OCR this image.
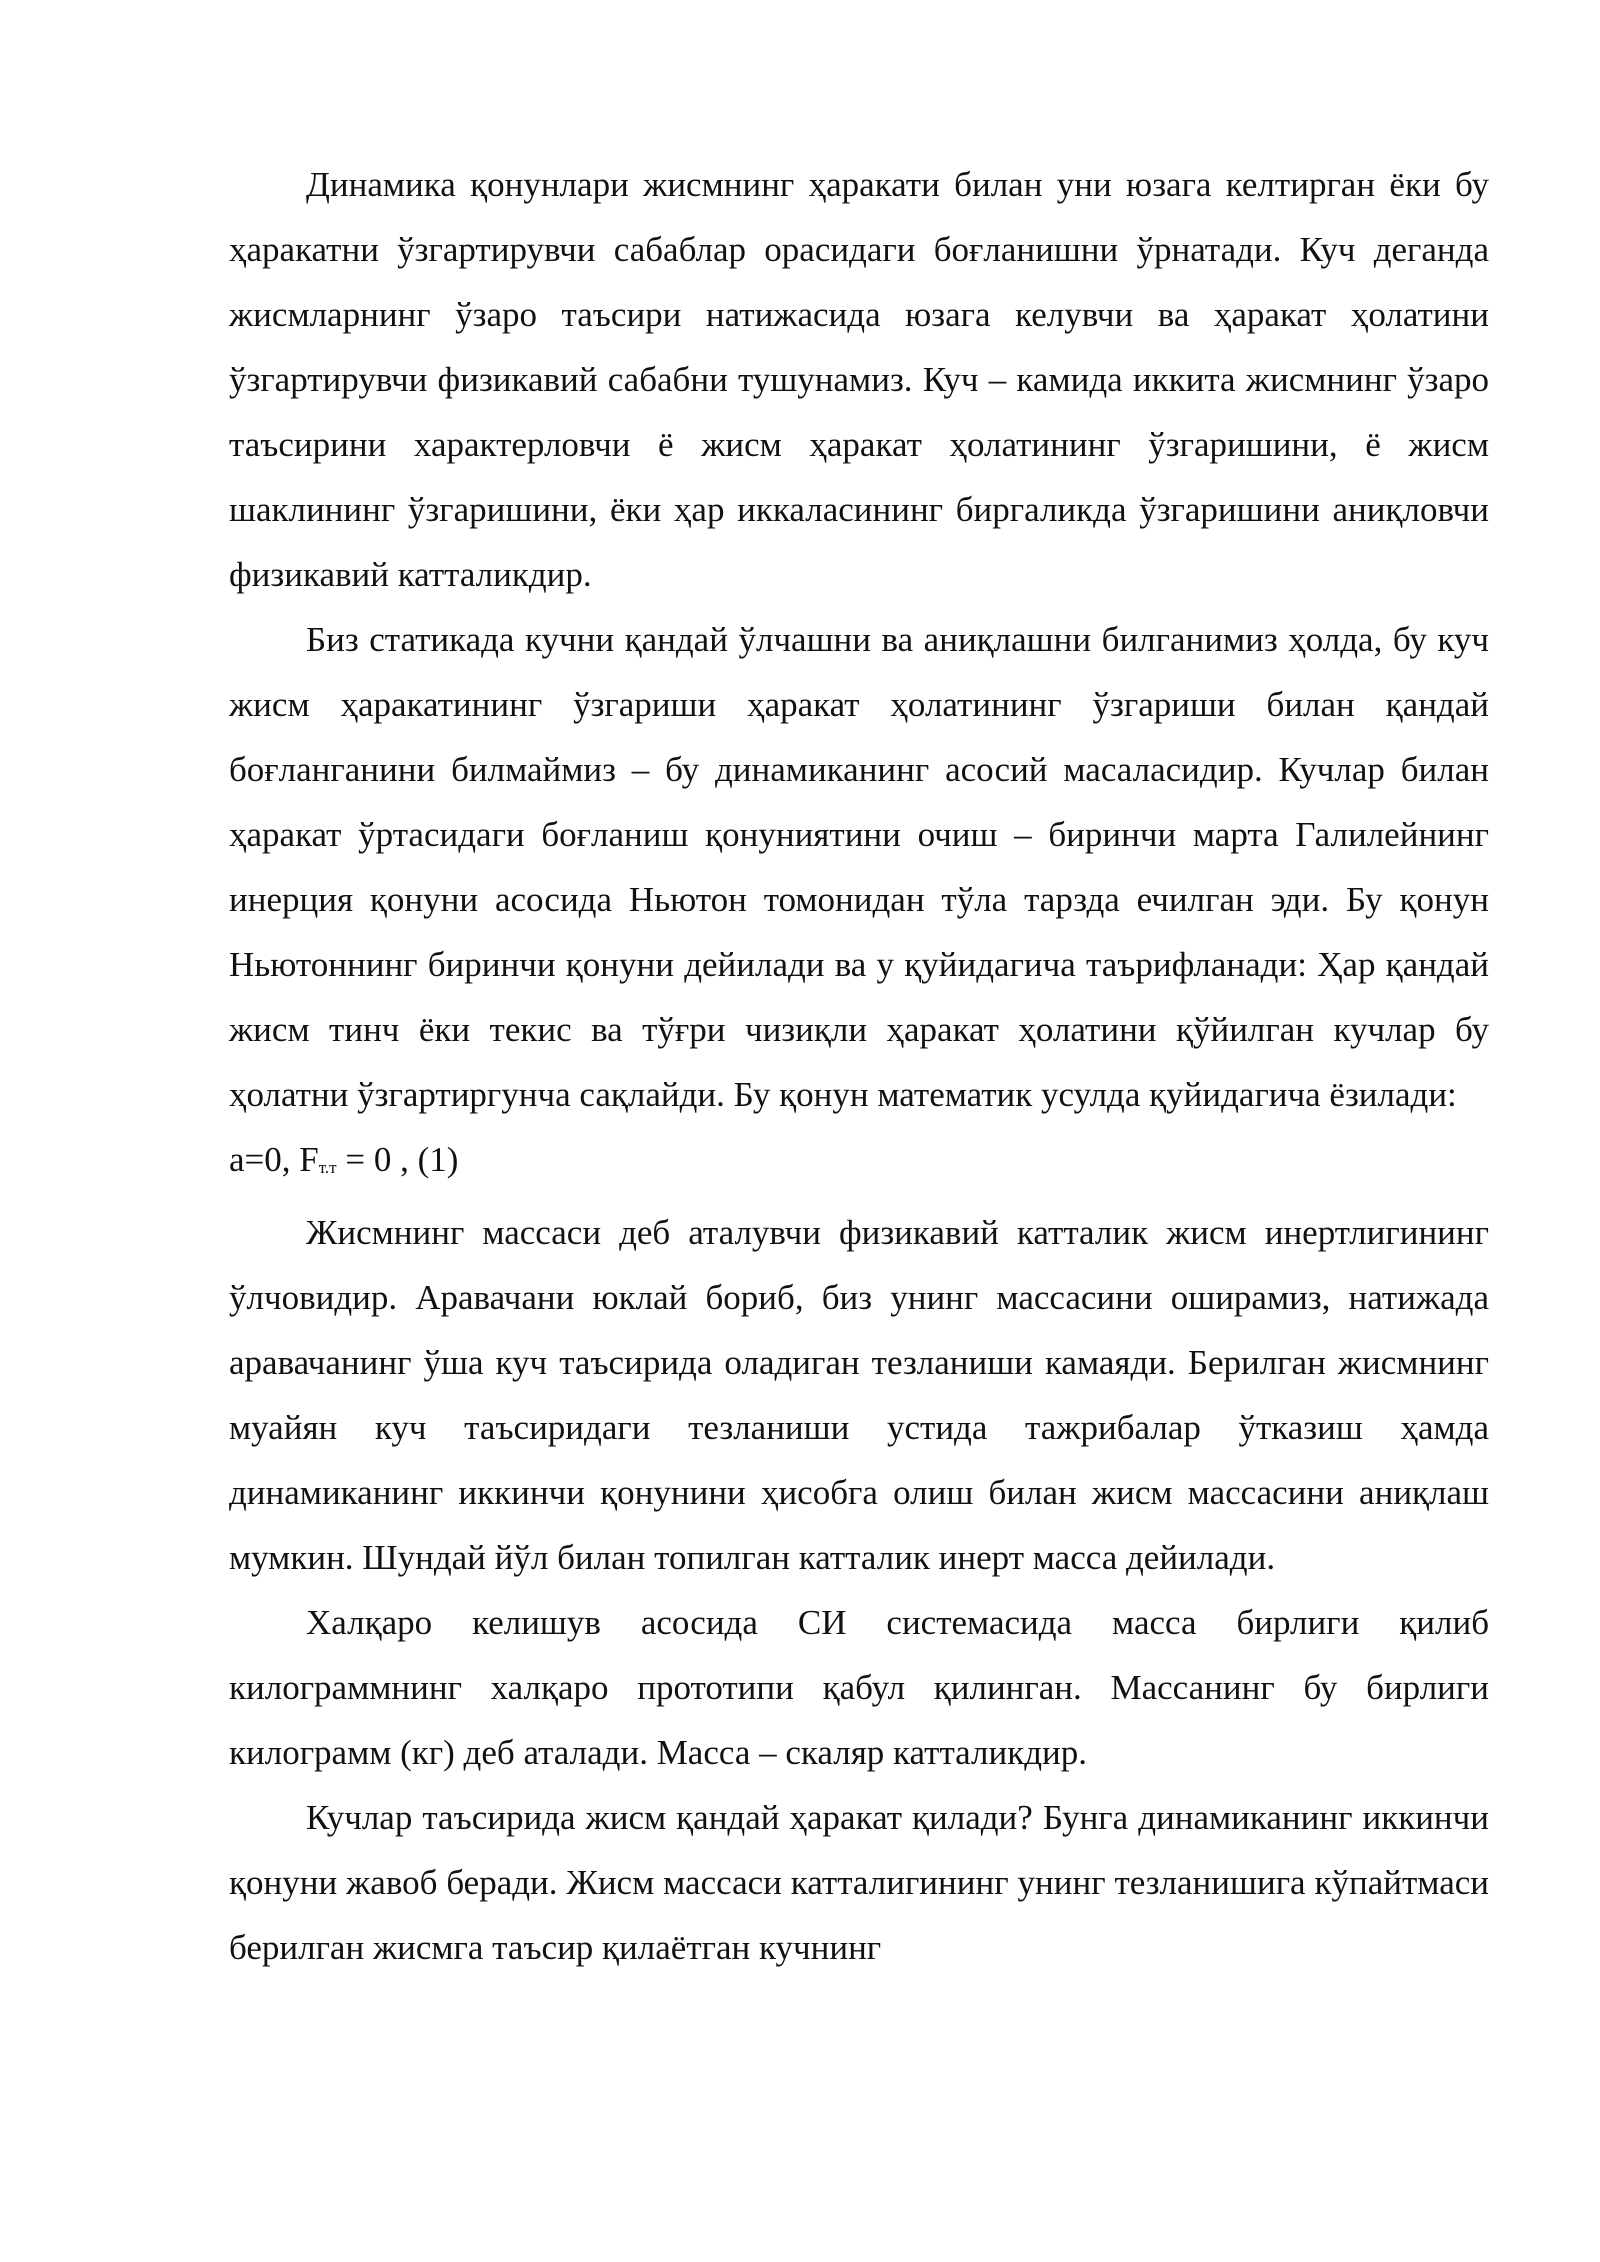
Динамика қонунлари жисмнинг ҳаракати билан уни юзага келтирган ёки бу ҳаракатни ўзгартирувчи сабаблар орасидаги боғланишни ўрнатади. Куч деганда жисмларнинг ўзаро таъсири натижасида юзага келувчи ва ҳаракат ҳолатини ўзгартирувчи физикавий сабабни тушунамиз. Куч – камида иккита жисмнинг ўзаро таъсирини характерловчи ё жисм ҳаракат ҳолатининг ўзгаришини, ё жисм шаклининг ўзгаришини, ёки ҳар иккаласининг биргаликда ўзгаришини аниқловчи физикавий катталикдир.

Биз статикада кучни қандай ўлчашни ва аниқлашни билганимиз ҳолда, бу куч жисм ҳаракатининг ўзгариши ҳаракат ҳолатининг ўзгариши билан қандай боғланганини билмаймиз – бу динамиканинг асосий масаласидир. Кучлар билан ҳаракат ўртасидаги боғланиш қонуниятини очиш – биринчи марта Галилейнинг инерция қонуни асосида Ньютон томонидан тўла тарзда ечилган эди. Бу қонун Ньютоннинг биринчи қонуни дейилади ва у қуйидагича таърифланади: Ҳар қандай жисм тинч ёки текис ва тўғри чизиқли ҳаракат ҳолатини қўйилган кучлар бу ҳолатни ўзгартиргунча сақлайди. Бу қонун математик усулда қуйидагича ёзилади:

a=0, $F_{т.т} = 0$ , (1)

Жисмнинг массаси деб аталувчи физикавий катталик жисм инертлигининг ўлчовидир. Аравачани юклай бориб, биз унинг массасини оширамиз, натижада аравачанинг ўша куч таъсирида оладиган тезланиши камаяди. Берилган жисмнинг муайян куч таъсиридаги тезланиши устида тажрибалар ўтказиш ҳамда динамиканинг иккинчи қонунини ҳисобга олиш билан жисм массасини аниқлаш мумкин. Шундай йўл билан топилган катталик инерт масса дейилади.

Халқаро келишув асосида СИ системасида масса бирлиги қилиб килограммнинг халқаро прототипи қабул қилинган. Массанинг бу бирлиги килограмм (кг) деб аталади. Масса – скаляр катталикдир.

Кучлар таъсирида жисм қандай ҳаракат қилади? Бунга динамиканинг иккинчи қонуни жавоб беради. Жисм массаси катталигининг унинг тезланишига кўпайтмаси берилган жисмга таъсир қилаётган кучнинг
